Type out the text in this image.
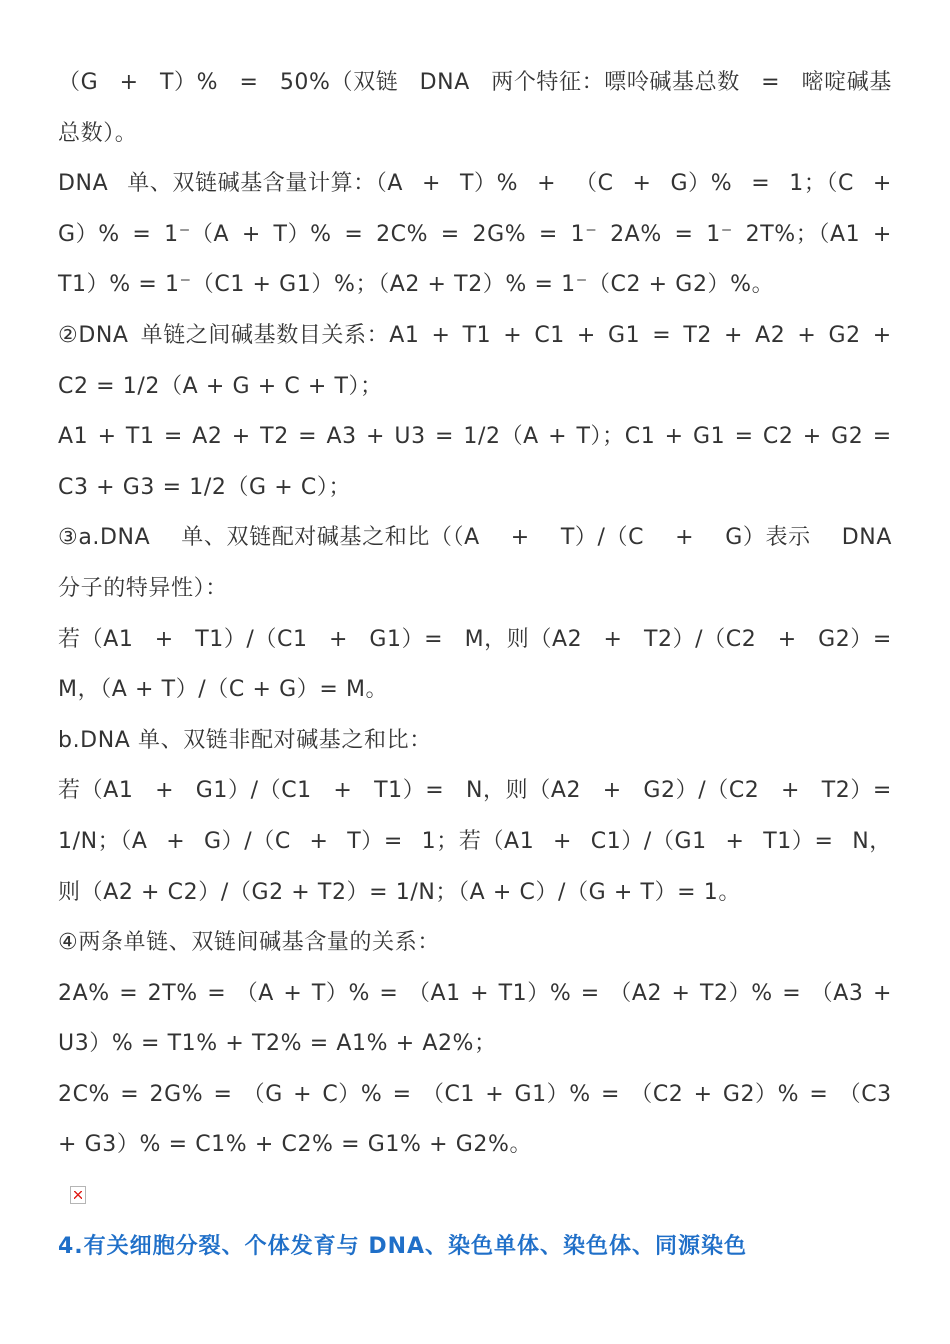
（G + T）% = 50%（双链 DNA 两个特征：嘌呤碱基总数 = 嘧啶碱基
总数）。
DNA 单、双链碱基含量计算：（A + T）% + （C + G）% = 1；（C +
G）% = 1⁻（A + T）% = 2C% = 2G% = 1⁻ 2A% = 1⁻ 2T%；（A1 +
T1）% = 1⁻（C1 + G1）%；（A2 + T2）% = 1⁻（C2 + G2）%。
②DNA 单链之间碱基数目关系：A1 + T1 + C1 + G1 = T2 + A2 + G2 +
C2 = 1/2（A + G + C + T）；
A1 + T1 = A2 + T2 = A3 + U3 = 1/2（A + T）；C1 + G1 = C2 + G2 =
C3 + G3 = 1/2（G + C）；
③a.DNA 单、双链配对碱基之和比（（A + T）/（C + G）表示 DNA
分子的特异性）：
若（A1 + T1）/（C1 + G1）= M，则（A2 + T2）/（C2 + G2）=
M，（A + T）/（C + G）= M。
b.DNA 单、双链非配对碱基之和比：
若（A1 + G1）/（C1 + T1）= N，则（A2 + G2）/（C2 + T2）=
1/N；（A + G）/（C + T）= 1；若（A1 + C1）/（G1 + T1）= N，
则（A2 + C2）/（G2 + T2）= 1/N；（A + C）/（G + T）= 1。
④两条单链、双链间碱基含量的关系：
2A% = 2T% = （A + T）% = （A1 + T1）% = （A2 + T2）% = （A3 +
U3）% = T1% + T2% = A1% + A2%；
2C% = 2G% = （G + C）% = （C1 + G1）% = （C2 + G2）% = （C3
+ G3）% = C1% + C2% = G1% + G2%。
4.有关细胞分裂、个体发育与 DNA、染色单体、染色体、同源染色
